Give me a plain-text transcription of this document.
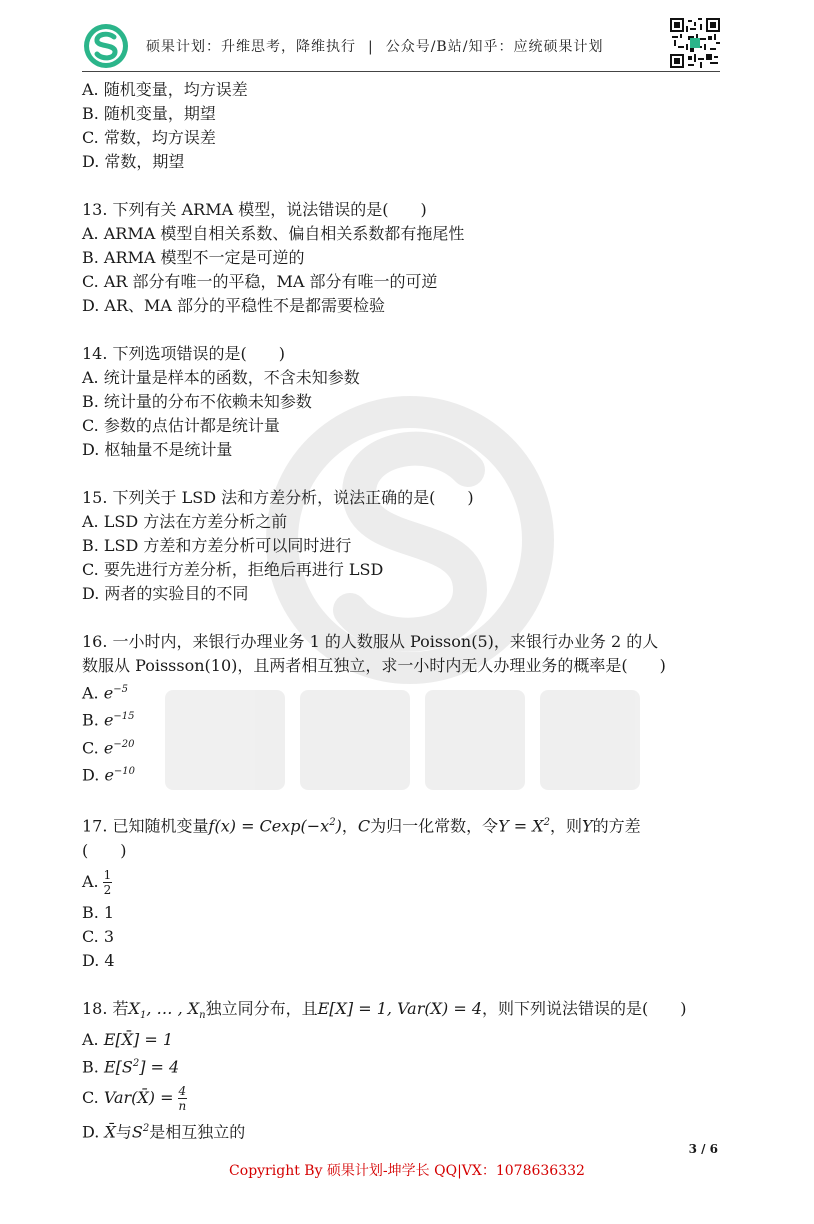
硕果计划：升维思考，降维执行 | 公众号/B站/知乎：应统硕果计划
A. 随机变量，均方误差
B. 随机变量，期望
C. 常数，均方误差
D. 常数，期望
13. 下列有关 ARMA 模型，说法错误的是(　　)
A. ARMA 模型自相关系数、偏自相关系数都有拖尾性
B. ARMA 模型不一定是可逆的
C. AR 部分有唯一的平稳，MA 部分有唯一的可逆
D. AR、MA 部分的平稳性不是都需要检验
14. 下列选项错误的是(　　)
A. 统计量是样本的函数，不含未知参数
B. 统计量的分布不依赖未知参数
C. 参数的点估计都是统计量
D. 枢轴量不是统计量
15. 下列关于 LSD 法和方差分析，说法正确的是(　　)
A. LSD 方法在方差分析之前
B. LSD 方差和方差分析可以同时进行
C. 要先进行方差分析，拒绝后再进行 LSD
D. 两者的实验目的不同
16. 一小时内，来银行办理业务 1 的人数服从 Poisson(5)，来银行办业务 2 的人
数服从 Poissson(10)，且两者相互独立，求一小时内无人办理业务的概率是(　　)
A. $e^{-5}$
B. $e^{-15}$
C. $e^{-20}$
D. $e^{-10}$
17. 已知随机变量$f(x) = Cexp(-x^2)$，C为归一化常数，令$Y = X^2$，则Y的方差
(　　)
A. $\frac{1}{2}$
B. 1
C. 3
D. 4
18. 若$X_1$, … , $X_n$独立同分布，且E[X] = 1, Var(X) = 4，则下列说法错误的是(　　)
A. E[X̄] = 1
B. $E[S^2] = 4$
C. Var(X̄) = $\frac{4}{n}$
D. X̄与$S^2$是相互独立的
3 / 6
Copyright By 硕果计划-坤学长 QQ|VX：1078636332
